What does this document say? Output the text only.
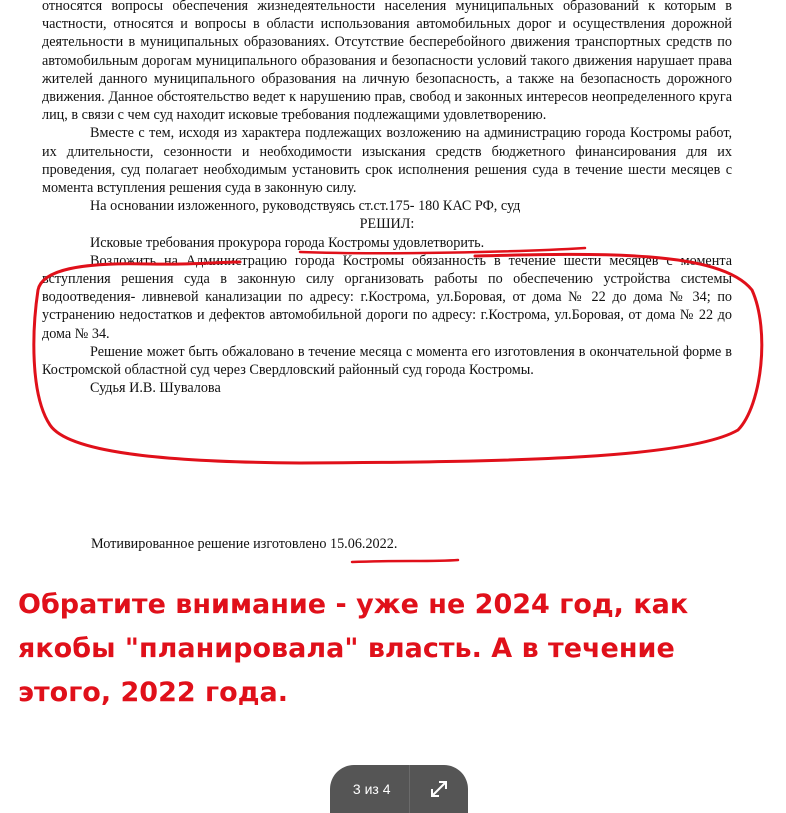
относятся вопросы обеспечения жизнедеятельности населения муниципальных образований к которым в частности, относятся и вопросы в области использования автомобильных дорог и осуществления дорожной деятельности в муниципальных образованиях. Отсутствие бесперебойного движения транспортных средств по автомобильным дорогам муниципального образования и безопасности условий такого движения нарушает права жителей данного муниципального образования на личную безопасность, а также на безопасность дорожного движения. Данное обстоятельство ведет к нарушению прав, свобод и законных интересов неопределенного круга лиц, в связи с чем суд находит исковые требования подлежащими удовлетворению.

Вместе с тем, исходя из характера подлежащих возложению на администрацию города Костромы работ, их длительности, сезонности и необходимости изыскания средств бюджетного финансирования для их проведения, суд полагает необходимым установить срок исполнения решения суда в течение шести месяцев с момента вступления решения суда в законную силу.

На основании изложенного, руководствуясь ст.ст.175- 180 КАС РФ, суд

РЕШИЛ:

Исковые требования прокурора города Костромы удовлетворить.

Возложить на Администрацию города Костромы обязанность в течение шести месяцев с момента вступления решения суда в законную силу организовать работы по обеспечению устройства системы водоотведения- ливневой канализации по адресу: г.Кострома, ул.Боровая, от дома № 22 до дома № 34; по устранению недостатков и дефектов автомобильной дороги по адресу: г.Кострома, ул.Боровая, от дома № 22 до дома № 34.

Решение может быть обжаловано в течение месяца с момента его изготовления в окончательной форме в Костромской областной суд через Свердловский районный суд города Костромы.

Судья И.В. Шувалова

Мотивированное решение изготовлено 15.06.2022.
Обратите внимание - уже не 2024 год, как якобы "планировала" власть. А в течение этого, 2022 года.
3 из 4
